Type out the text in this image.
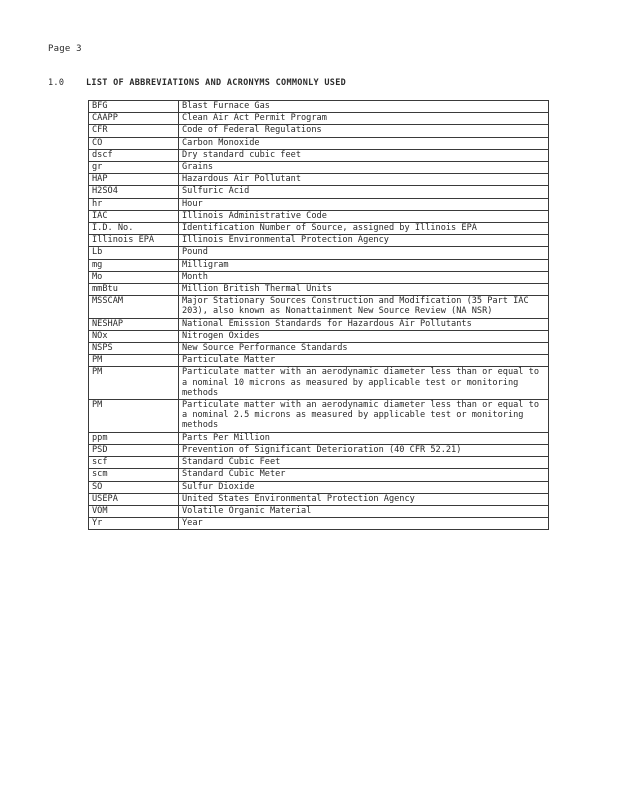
Page 3
1.0	LIST OF ABBREVIATIONS AND ACRONYMS COMMONLY USED
BFG	Blast Furnace Gas
CAAPP	Clean Air Act Permit Program
CFR	Code of Federal Regulations
CO	Carbon Monoxide
dscf	Dry standard cubic feet
gr	Grains
HAP	Hazardous Air Pollutant
H2SO4	Sulfuric Acid
hr	Hour
IAC	Illinois Administrative Code
I.D. No.	Identification Number of Source, assigned by Illinois EPA
Illinois EPA	Illinois Environmental Protection Agency
Lb	Pound
mg	Milligram
Mo	Month
mmBtu	Million British Thermal Units
MSSCAM	Major Stationary Sources Construction and Modification (35 Part IAC 203), also known as Nonattainment New Source Review (NA NSR)
NESHAP	National Emission Standards for Hazardous Air Pollutants
NOx	Nitrogen Oxides
NSPS	New Source Performance Standards
PM	Particulate Matter
PM	Particulate matter with an aerodynamic diameter less than or equal to a nominal 10 microns as measured by applicable test or monitoring methods
PM	Particulate matter with an aerodynamic diameter less than or equal to a nominal 2.5 microns as measured by applicable test or monitoring methods
ppm	Parts Per Million
PSD	Prevention of Significant Deterioration (40 CFR 52.21)
scf	Standard Cubic Feet
scm	Standard Cubic Meter
SO	Sulfur Dioxide
USEPA	United States Environmental Protection Agency
VOM	Volatile Organic Material
Yr	Year
